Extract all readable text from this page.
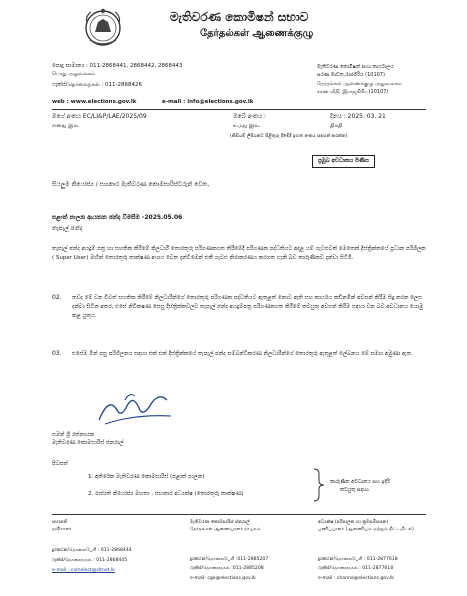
මැතිවරණ කොමිෂන් සභාව
தேர்தல்கள் ஆணைக்குழு
පොදු සාමාන්‍ය : 011-2868441, 2868442, 2868443
பொது அலுவலகம்
ෆැක්ස්/தொலைநகல் : 011-2868426
web : www.elections.gov.lk	e-mail : info@elections.gov.lk
මැතිවරණ කොමිෂන් සභා කාර්යාලය
සරණ මාවත,රාජගිරිය (10107)
தேர்தல்கள் ஆணைக்குழு அலுவலகம்
சரண வீதி, இராஜகிரிய(10107)
මගේ අංකය EC/LI&P/LAE/2025/09	ඔබේ අංකය :	දිනය : 2025. 03. 21
எனது இல.	உமது இல.	திகதி
(කිසියම් ලිපියකට පිළිතුරු දීමේදී ඉහත අංකය සඳහන් කරන්න)
ප්‍රමුඛ අවධානය පිණිස
සියලුම නියෝජ්‍ය / සහකාර මැතිවරණ කොමසාරිස්වරුන් වෙත,
පළාත් පාලන ආයතන ඡන්ද විමසීම -2025.05.06
තැපැල් ඡන්ද
තැපැල් ඡන්ද අයදුම් පත්‍ර හා සහතික කිරීමේ නිලධාරී තොරතුරු පරිගණකගත කිරීමේදී පරිගණක පද්ධතියට අදාළ යම් ගැටළුවක් මෙතෙක් දිස්ත්‍රික්කයේ ප්‍රධාන පරිශීලක ( Super User) මඟින් තොරතුරු තාක්ෂණ අංශය වෙත දැන්වීමෙන් එකී ගැටළු නිරාකරණය කරගත හැකි බව කාරුණිකව දන්වා සිටිමි.
02. තවද මේ වන විටත් සහතික කිරීමේ නිලධාරීන්ගේ තොරතුරු පරිගණක පද්ධතියට ඇතුළත් නොට ඇති සහ කාර්යය කඩිනමින් අවසන් කිරීම සිදු කරන ලෙස දන්වා සිටින අතර, එසේ නිවිකෂණ සෙසු දිස්ත්‍රික්කවලට තැපැල් ඡන්ද අයදුම්පත්‍ර පරිගණකගත කිරීමේ කටයුතු අවසන් කිරීම සඳහා වන බව අවධානය යොමු කළ යුතුය.
03. එසේම මින් පසු පරිශීලනය සඳහා එක් එක් දිස්ත්‍රික්කයේ තැපැල් ඡන්ද සම්බන්ධීකරණ නිලධාරීන්ගේ තොරතුරු ඇතුළත් ලේඛනය මේ සමඟ අමුණා ඇත.
සමන් ශ්‍රී රත්නායක
මැතිවරණ කොමසාරිස් ජනරාල්
පිටපත්
1. අතිරේක මැතිවරණ කොමසාරිස් (පළාත් පාලන)
2. රාජ්‍යත් නියෝජ්‍ය මහතා , සහකාර අධ්‍යක්ෂ (තොරතුරු තාක්ෂණ)
කාරුණික අවධානය සහ ඉදිරි
කටයුතු සඳහා
සභාපති
தவிசாளர்
දුරකථන/தொலைபேசி : 011-2868444
ෆැක්ස්/தொலைநகல் : 011-2868445
e-mail : comelect@sltnet.lk
මැතිවරණ කොමසාරිස් ජනරාල්
தேர்தல்கள் ஆணையாளர் நாயகம்
දුරකථන/தொலைபேசி :011-2885207
ෆැක්ස්/தொலைநகல் :011-2885208
e-mail: cge@elections.gov.lk
අධ්‍යක්ෂ (පරිපාලන හා ක්‍රමසම්පාදන)
பணிப்பாளர் (ஆளணியம் மற்றும் திட்டமிடல்)
දුරකථන/தொலைபேசி : 011-2877618
ෆැක්ස්/தொலைநகல் : 011-2877618
e-mail : channa@elections.gov.lk
